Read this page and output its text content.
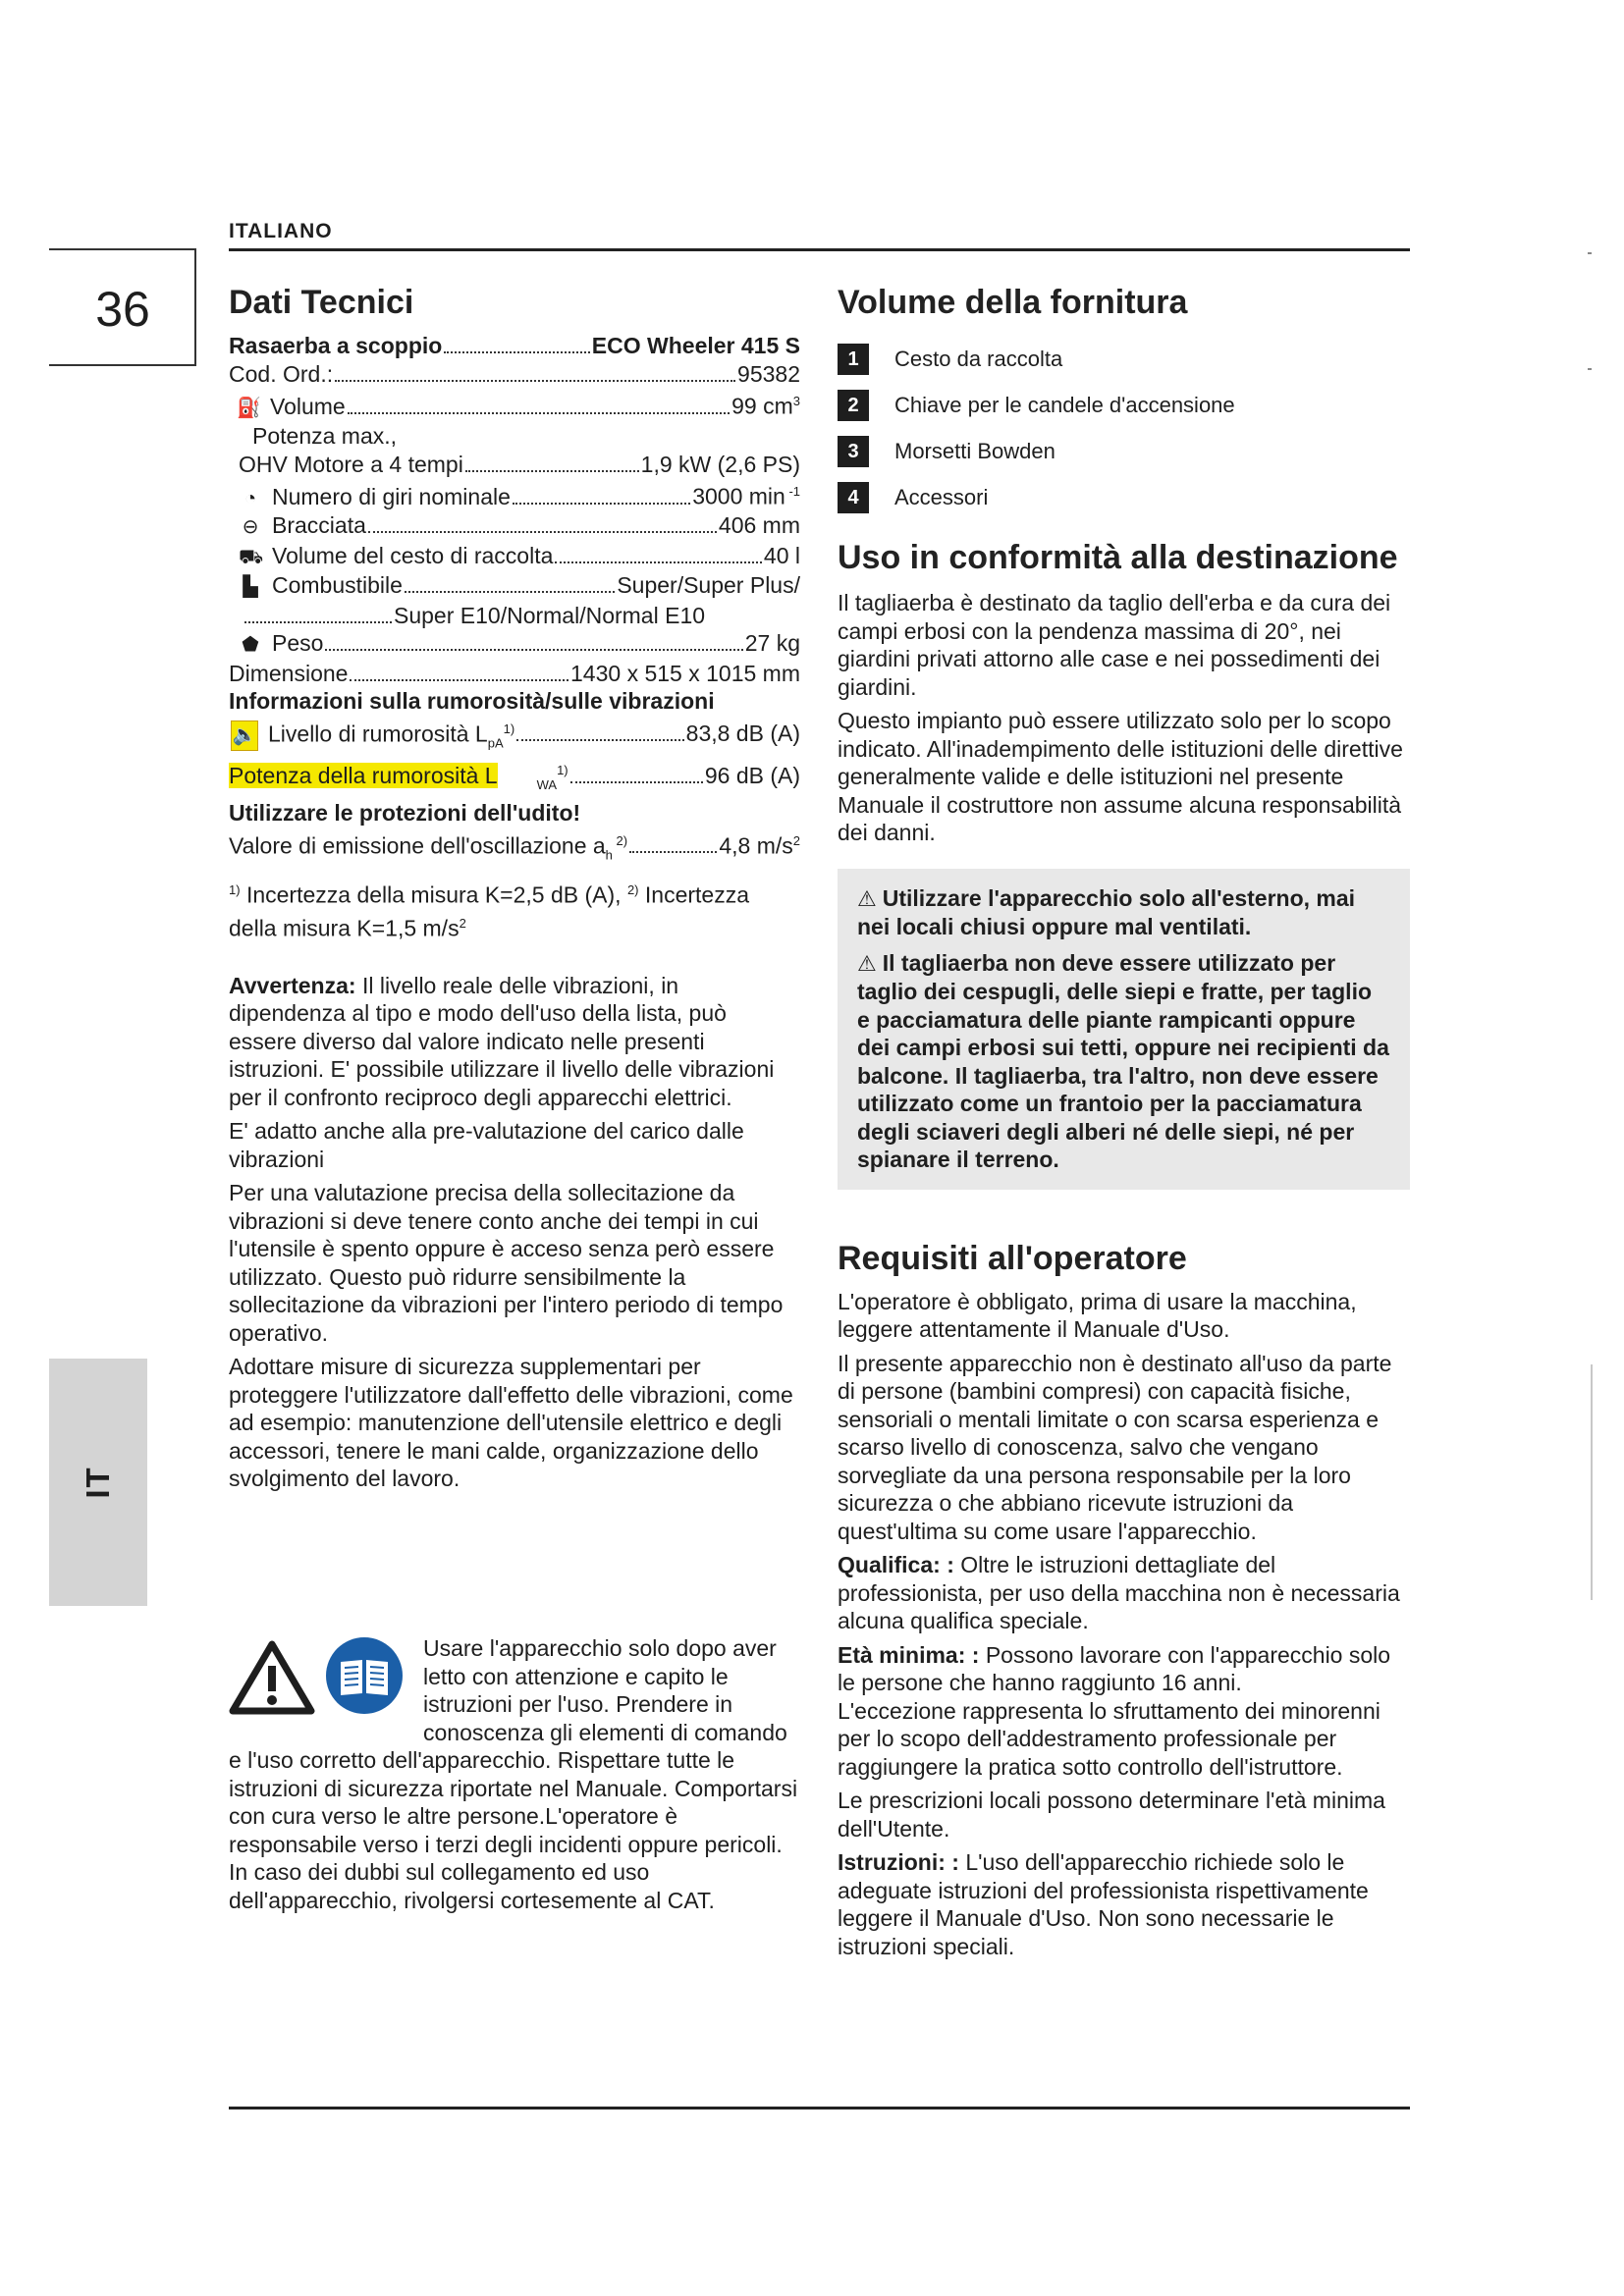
ITALIANO
36
IT
Dati Tecnici
Rasaerba a scoppio	ECO Wheeler 415 S
Cod. Ord.:	95382
⛽ Volume	99 $cm^3$
Potenza max.,
OHV Motore a 4 tempi	1,9 kW (2,6 PS)
◔ Numero di giri nominale	3000 min $^{-1}$
⊖ Bracciata	406 mm
⛟ Volume del cesto di raccolta	40 l
▙ Combustibile	Super/Super Plus/
Super E10/Normal/Normal E10
⬟ Peso	27 kg
Dimensione	1430 x 515 x 1015 mm
Informazioni sulla rumorosità/sulle vibrazioni
🔈 Livello di rumorosità $L_{pA}^{1)}$	83,8 dB (A)
Potenza della rumorosità L	$_{WA}^{1)}$	96 dB (A)
Utilizzare le protezioni dell'udito!
Valore di emissione dell'oscillazione $a_h$ $^{2)}$	4,8 $m/s^2$
$^{1)}$ Incertezza della misura K=2,5 dB (A), $^{2)}$ Incertezza
della misura K=1,5 $m/s^2$

Avvertenza: Il livello reale delle vibrazioni, in dipendenza al tipo e modo dell'uso della lista, può essere diverso dal valore indicato nelle presenti istruzioni. E' possibile utilizzare il livello delle vibrazioni per il confronto reciproco degli apparecchi elettrici.

E' adatto anche alla pre-valutazione del carico dalle vibrazioni

Per una valutazione precisa della sollecitazione da vibrazioni si deve tenere conto anche dei tempi in cui l'utensile è spento oppure è acceso senza però essere utilizzato. Questo può ridurre sensibilmente la sollecitazione da vibrazioni per l'intero periodo di tempo operativo.

Adottare misure di sicurezza supplementari per proteggere l'utilizzatore dall'effetto delle vibrazioni, come ad esempio: manutenzione dell'utensile elettrico e degli accessori, tenere le mani calde, organizzazione dello svolgimento del lavoro.

Usare l'apparecchio solo dopo aver letto con attenzione e capito le istruzioni per l'uso. Prendere in conoscenza gli elementi di comando e l'uso corretto dell'apparecchio. Rispettare tutte le istruzioni di sicurezza riportate nel Manuale. Comportarsi con cura verso le altre persone.L'operatore è responsabile verso i terzi degli incidenti oppure pericoli. In caso dei dubbi sul collegamento ed uso dell'apparecchio, rivolgersi cortesemente al CAT.
Volume della fornitura
1	Cesto da raccolta
2	Chiave per le candele d'accensione
3	Morsetti Bowden
4	Accessori
Uso in conformità alla destinazione

Il tagliaerba è destinato da taglio dell'erba e da cura dei campi erbosi con la pendenza massima di 20°, nei giardini privati attorno alle case e nei possedimenti dei giardini.

Questo impianto può essere utilizzato solo per lo scopo indicato. All'inadempimento delle istituzioni delle direttive generalmente valide e delle istituzioni nel presente Manuale il costruttore non assume alcuna responsabilità dei danni.

⚠ Utilizzare l'apparecchio solo all'esterno, mai nei locali chiusi oppure mal ventilati.

⚠ Il tagliaerba non deve essere utilizzato per taglio dei cespugli, delle siepi e fratte, per taglio e pacciamatura delle piante rampicanti oppure dei campi erbosi sui tetti, oppure nei recipienti da balcone. Il tagliaerba, tra l'altro, non deve essere utilizzato come un frantoio per la pacciamatura degli sciaveri degli alberi né delle siepi, né per spianare il terreno.

Requisiti all'operatore

L'operatore è obbligato, prima di usare la macchina, leggere attentamente il Manuale d'Uso.

Il presente apparecchio non è destinato all'uso da parte di persone (bambini compresi) con capacità fisiche, sensoriali o mentali limitate o con scarsa esperienza e scarso livello di conoscenza, salvo che vengano sorvegliate da una persona responsabile per la loro sicurezza o che abbiano ricevute istruzioni da quest'ultima su come usare l'apparecchio.

Qualifica: : Oltre le istruzioni dettagliate del professionista, per uso della macchina non è necessaria alcuna qualifica speciale.

Età minima: : Possono lavorare con l'apparecchio solo le persone che hanno raggiunto 16 anni.

L'eccezione rappresenta lo sfruttamento dei minorenni per lo scopo dell'addestramento professionale per raggiungere la pratica sotto controllo dell'istruttore.

Le prescrizioni locali possono determinare l'età minima dell'Utente.

Istruzioni: : L'uso dell'apparecchio richiede solo le adeguate istruzioni del professionista rispettivamente leggere il Manuale d'Uso. Non sono necessarie le istruzioni speciali.
